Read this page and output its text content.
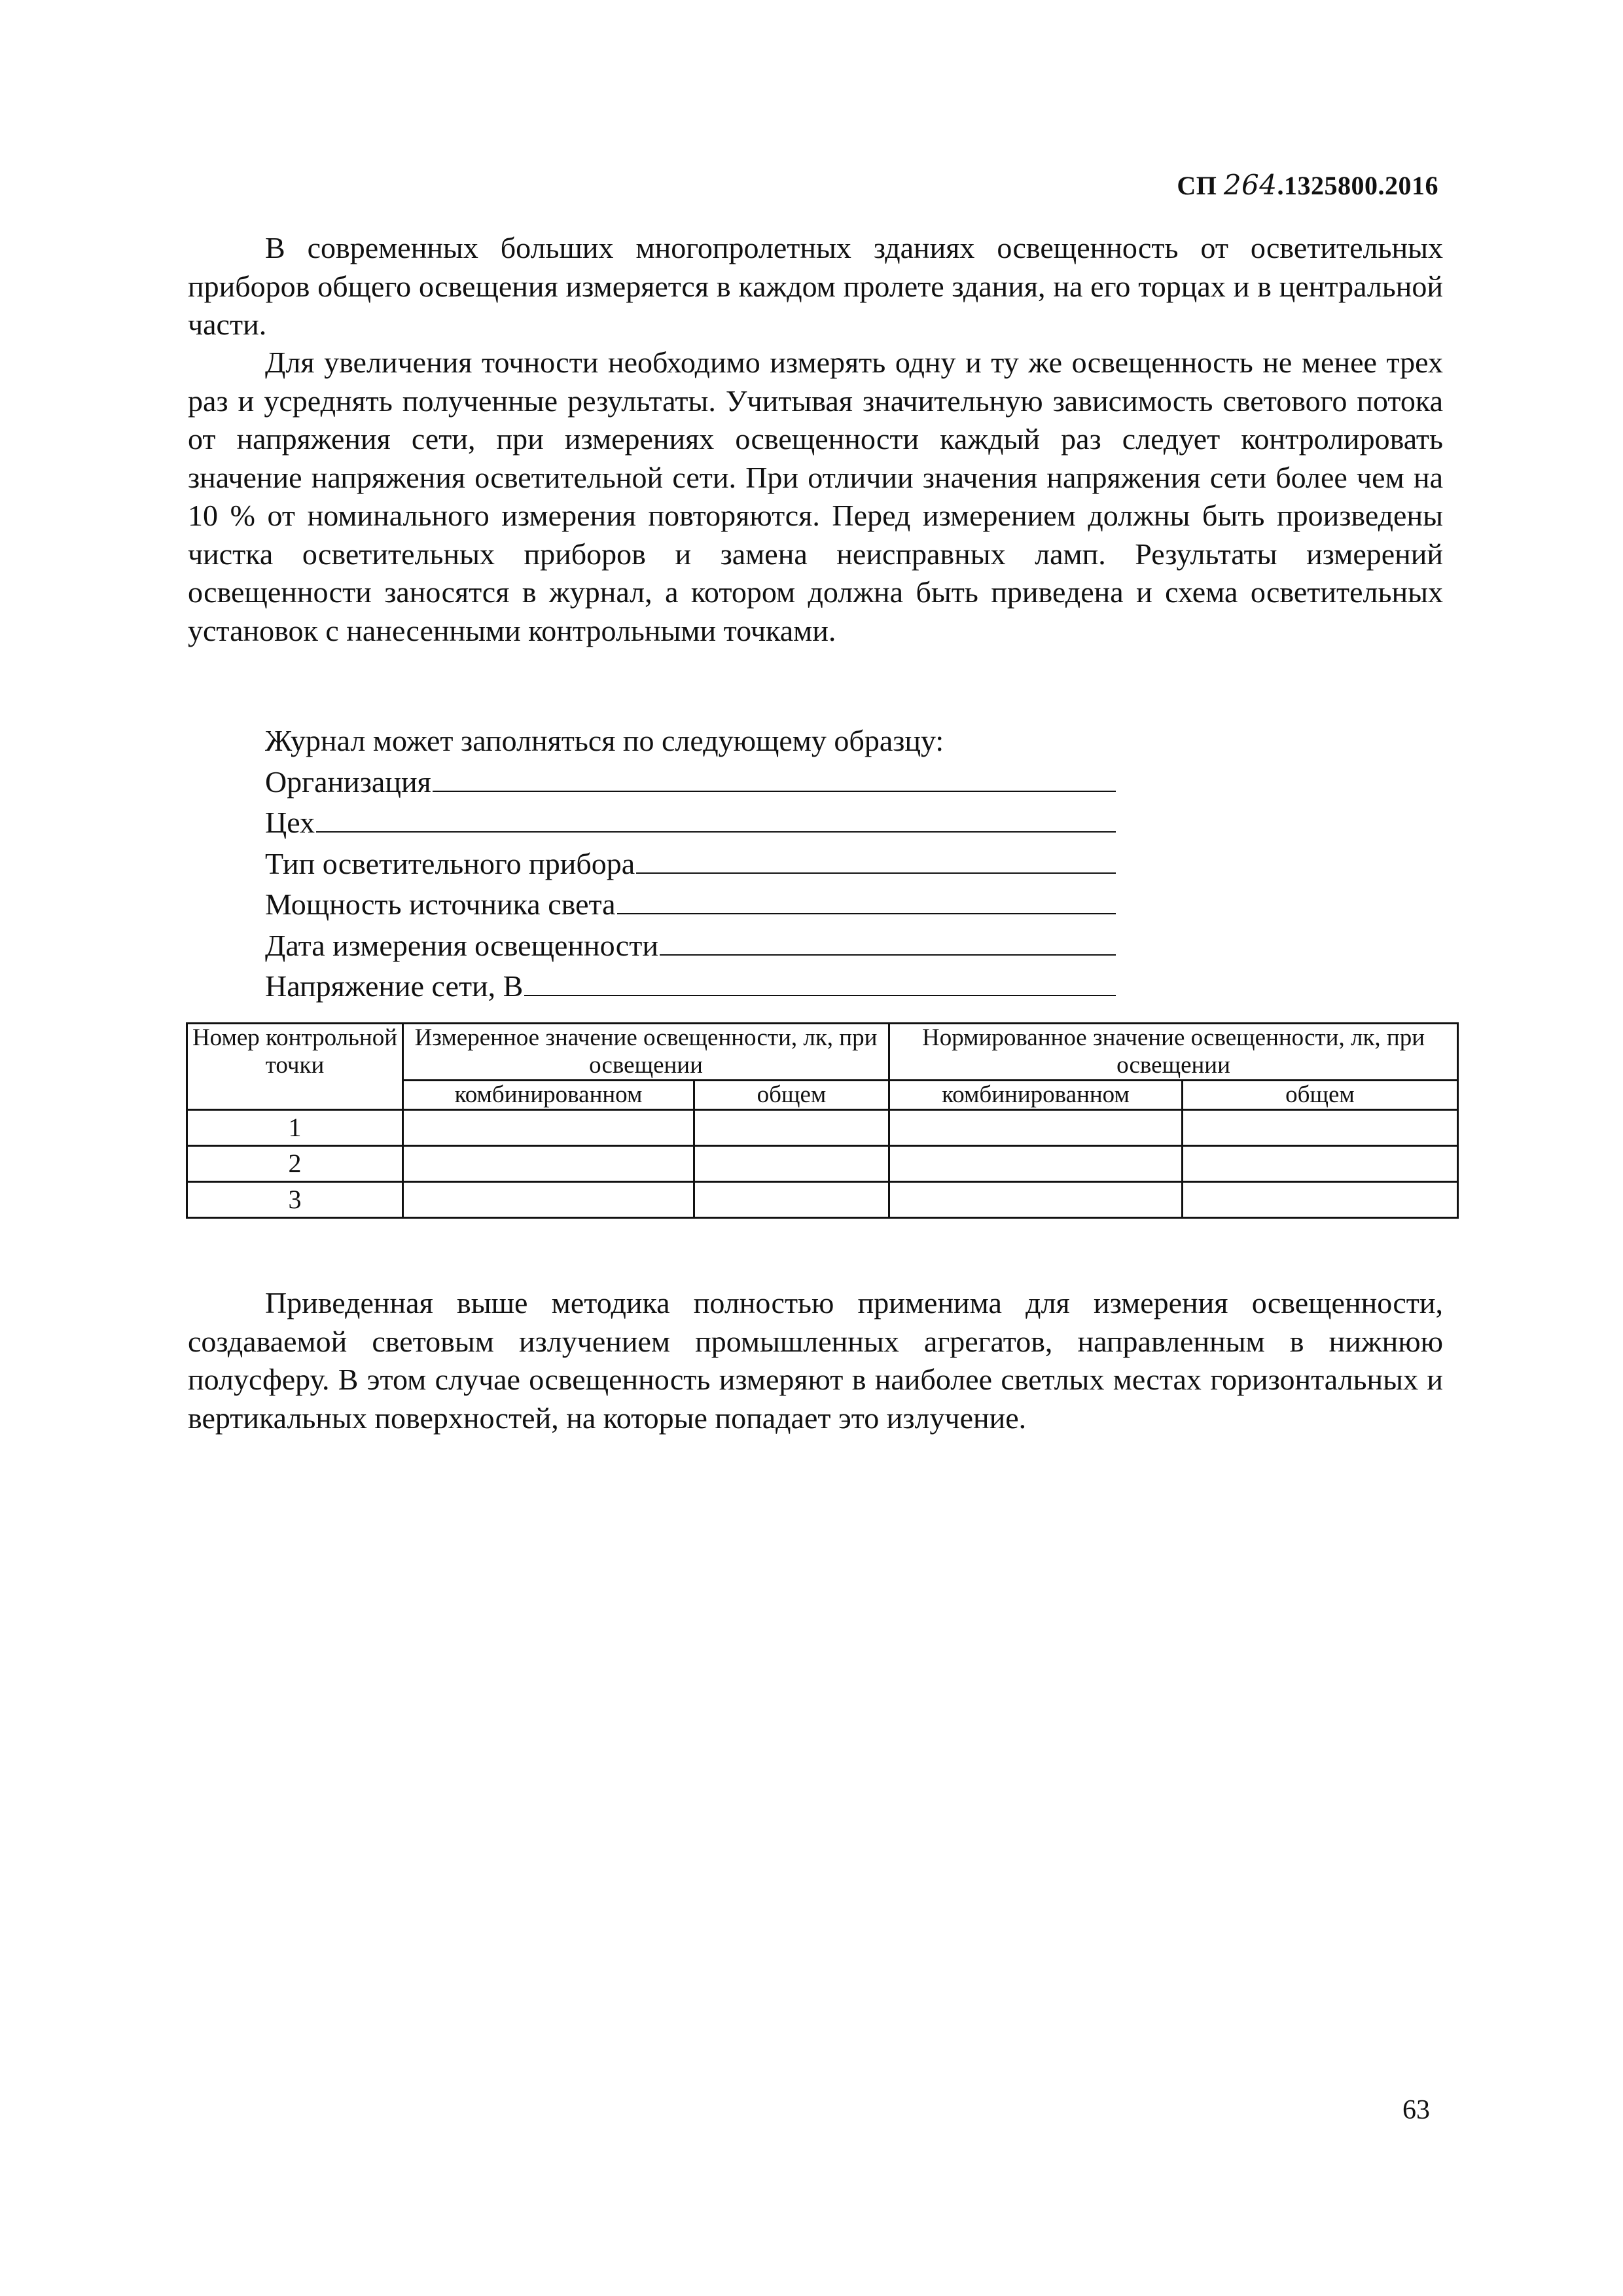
СП 264.1325800.2016

В современных больших многопролетных зданиях освещенность от осветительных приборов общего освещения измеряется в каждом пролете здания, на его торцах и в центральной части.

Для увеличения точности необходимо измерять одну и ту же освещенность не менее трех раз и усреднять полученные результаты. Учитывая значительную зависимость светового потока от напряжения сети, при измерениях освещенности каждый раз следует контролировать значение напряжения осветительной сети. При отличии значения напряжения сети более чем на 10 % от номинального измерения повторяются. Перед измерением должны быть произведены чистка осветительных приборов и замена неисправных ламп. Результаты измерений освещенности заносятся в журнал, а котором должна быть приведена и схема осветительных установок с нанесенными контрольными точками.

Журнал может заполняться по следующему образцу:
Организация
Цех
Тип осветительного прибора
Мощность источника света
Дата измерения освещенности
Напряжение сети, В
Номер контрольной точки	Измеренное значение освещенности, лк, при освещении		Нормированное значение освещенности, лк, при освещении	
	комбинированном	общем	комбинированном	общем
1				
2				
3				

Приведенная выше методика полностью применима для измерения освещенности, создаваемой световым излучением промышленных агрегатов, направленным в нижнюю полусферу. В этом случае освещенность измеряют в наиболее светлых местах горизонтальных и вертикальных поверхностей, на которые попадает это излучение.

63
